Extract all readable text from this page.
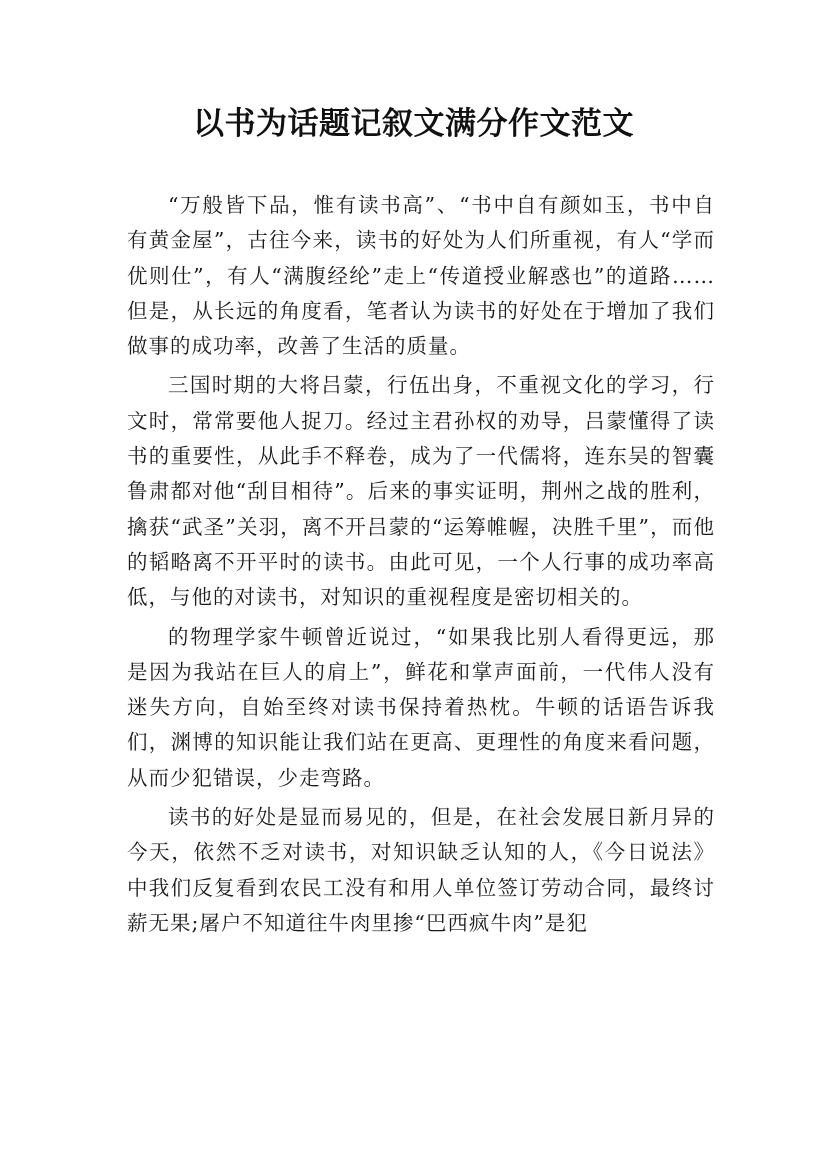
以书为话题记叙文满分作文范文

“万般皆下品，惟有读书高”、“书中自有颜如玉，书中自有黄金屋”，古往今来，读书的好处为人们所重视，有人“学而优则仕”，有人“满腹经纶”走上“传道授业解惑也”的道路……但是，从长远的角度看，笔者认为读书的好处在于增加了我们做事的成功率，改善了生活的质量。

三国时期的大将吕蒙，行伍出身，不重视文化的学习，行文时，常常要他人捉刀。经过主君孙权的劝导，吕蒙懂得了读书的重要性，从此手不释卷，成为了一代儒将，连东吴的智囊鲁肃都对他“刮目相待”。后来的事实证明，荆州之战的胜利，擒获“武圣”关羽，离不开吕蒙的“运筹帷幄，决胜千里”，而他的韬略离不开平时的读书。由此可见，一个人行事的成功率高低，与他的对读书，对知识的重视程度是密切相关的。

的物理学家牛顿曾近说过，“如果我比别人看得更远，那是因为我站在巨人的肩上”，鲜花和掌声面前，一代伟人没有迷失方向，自始至终对读书保持着热枕。牛顿的话语告诉我们，渊博的知识能让我们站在更高、更理性的角度来看问题，从而少犯错误，少走弯路。

读书的好处是显而易见的，但是，在社会发展日新月异的今天，依然不乏对读书，对知识缺乏认知的人，《今日说法》中我们反复看到农民工没有和用人单位签订劳动合同，最终讨薪无果;屠户不知道往牛肉里掺“巴西疯牛肉”是犯
